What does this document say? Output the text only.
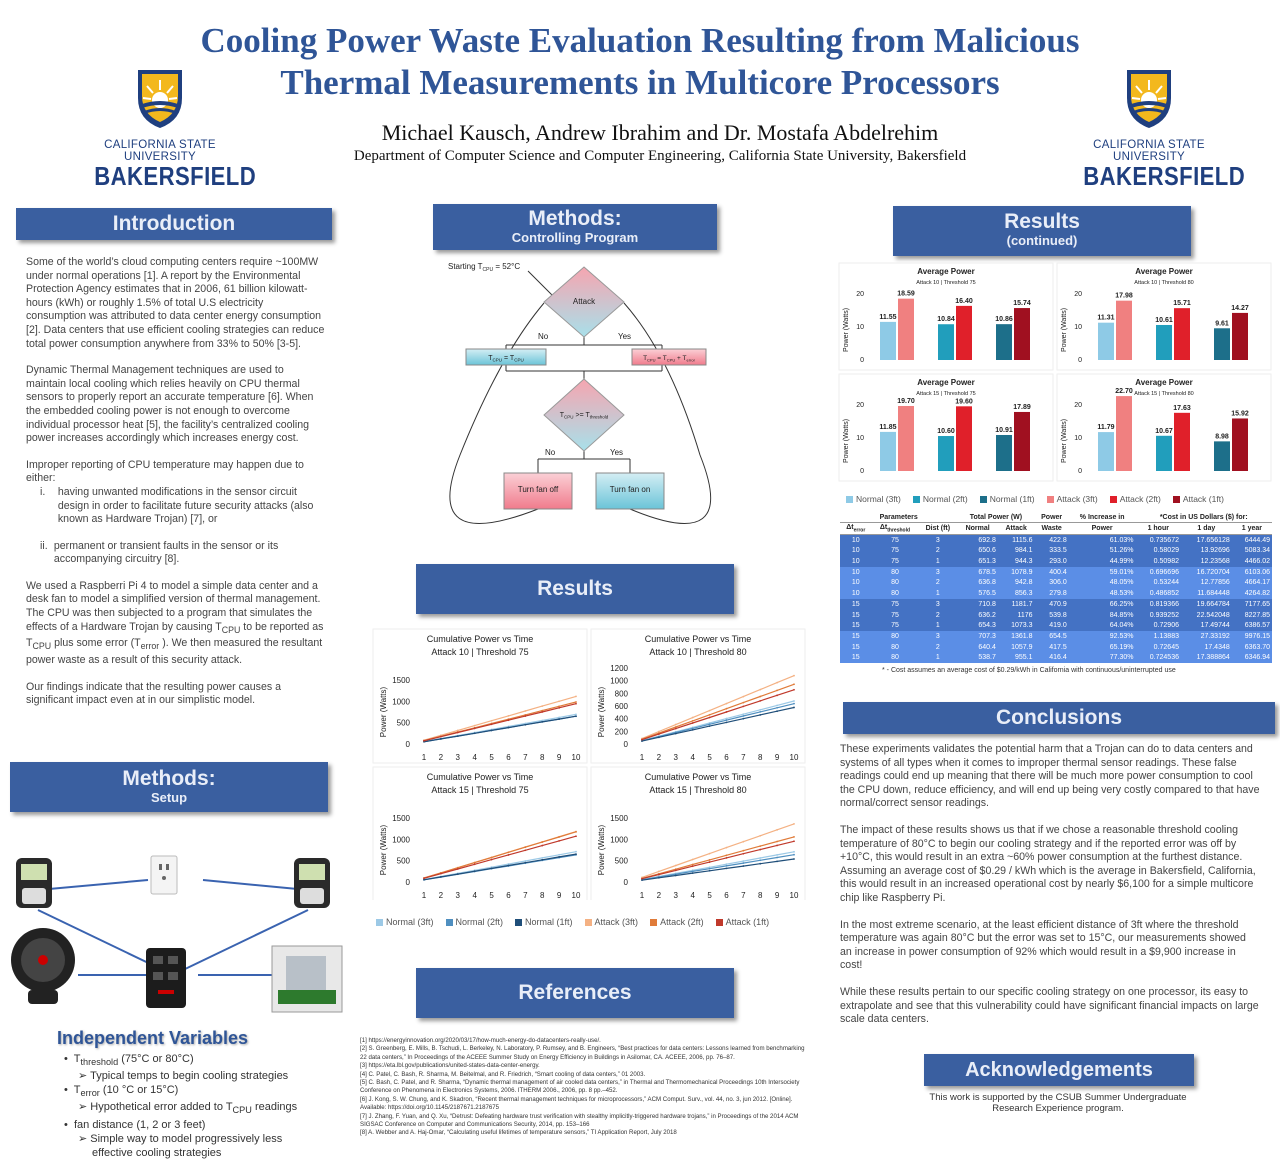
Cooling Power Waste Evaluation Resulting from Malicious
Thermal Measurements in Multicore Processors
Michael Kausch, Andrew Ibrahim and Dr. Mostafa Abdelrehim
Department of Computer Science and Computer Engineering, California State University, Bakersfield
CALIFORNIA STATE UNIVERSITY
BAKERSFIELD
CALIFORNIA STATE UNIVERSITY
BAKERSFIELD
Introduction

Some of the world’s cloud computing centers require ~100MW under normal operations [1]. A report by the Environmental Protection Agency estimates that in 2006, 61 billion kilowatt-hours (kWh) or roughly 1.5% of total U.S electricity consumption was attributed to data center energy consumption [2]. Data centers that use efficient cooling strategies can reduce total power consumption anywhere from 33% to 50% [3-5].

Dynamic Thermal Management techniques are used to maintain local cooling which relies heavily on CPU thermal sensors to properly report an accurate temperature [6]. When the embedded cooling power is not enough to overcome individual processor heat [5], the facility’s centralized cooling power increases accordingly which increases energy cost.

Improper reporting of CPU temperature may happen due to either:

i.	having unwanted modifications in the sensor circuit design in order to facilitate future security attacks (also known as Hardware Trojan) [7], or
ii. permanent or transient faults in the sensor or its accompanying circuitry [8].

We used a Raspberri Pi 4 to model a simple data center and a desk fan to model a simplified version of thermal management. The CPU was then subjected to a program that simulates the effects of a Hardware Trojan by causing $T_{CPU}$ to be reported as $T_{CPU}$ plus some error ($T_{error}$ ). We then measured the resultant power waste as a result of this security attack.

Our findings indicate that the resulting power causes a significant impact even at in our simplistic model.

Methods:
Setup
Independent Variables
•  $T_{threshold}$ (75°C or 80°C)
➢ Typical temps to begin cooling strategies
•  $T_{error}$ (10 °C or 15°C)
➢ Hypothetical error added to $T_{CPU}$ readings
•  fan distance (1, 2 or 3 feet)
➢ Simple way to model progressively less effective cooling strategies
Methods:
Controlling Program
Starting $T_{CPU} = 52^\circ C$
Attack
No	Yes
$T_{CPU} = T_{CPU}$	$T_{CPU} = T_{CPU} + T_{error}$
$T_{CPU} >= T_{threshold}$
No	Yes
Turn fan off	Turn fan on
Results
Cumulative Power vs Time
Attack 10 | Threshold 75
Power (Watts)
0
500
1000
1500
1 2 3 4 5 6 7 8 9 10
Cumulative Power vs Time
Attack 10 | Threshold 80
Power (Watts)
0
200
400
600
800
1000
1200
1 2 3 4 5 6 7 8 9 10
Cumulative Power vs Time
Attack 15 | Threshold 75
Power (Watts)
0
500
1000
1500
1 2 3 4 5 6 7 8 9 10
Cumulative Power vs Time
Attack 15 | Threshold 80
Power (Watts)
0
500
1000
1500
1 2 3 4 5 6 7 8 9 10
Normal (3ft) Normal (2ft) Normal (1ft) Attack (3ft) Attack (2ft) Attack (1ft)
References
[1] https://energyinnovation.org/2020/03/17/how-much-energy-do-datacenters-really-use/.
[2] S. Greenberg, E. Mills, B. Tschudi, L. Berkeley, N. Laboratory, P. Rumsey, and B. Engineers, “Best practices for data centers: Lessons learned from benchmarking 22 data centers,” In Proceedings of the ACEEE Summer Study on Energy Efficiency in Buildings in Asilomar, CA. ACEEE, 2006, pp. 76–87.
[3] https://eta.lbl.gov/publications/united-states-data-center-energy.
[4] C. Patel, C. Bash, R. Sharma, M. Beitelmal, and R. Friedrich, “Smart cooling of data centers,” 01 2003.
[5] C. Bash, C. Patel, and R. Sharma, “Dynamic thermal management of air cooled data centers,” in Thermal and Thermomechanical Proceedings 10th Intersociety Conference on Phenomena in Electronics Systems, 2006. ITHERM 2006., 2006, pp. 8 pp.–452.
[6] J. Kong, S. W. Chung, and K. Skadron, “Recent thermal management techniques for microprocessors,” ACM Comput. Surv., vol. 44, no. 3, jun 2012. [Online]. Available: https://doi.org/10.1145/2187671.2187675
[7] J. Zhang, F. Yuan, and Q. Xu, “Detrust: Defeating hardware trust verification with stealthy implicitly-triggered hardware trojans,” in Proceedings of the 2014 ACM SIGSAC Conference on Computer and Communications Security, 2014, pp. 153–166
[8] A. Webber and A. Haj-Omar, “Calculating useful lifetimes of temperature sensors,” TI Application Report, July 2018
Results
(continued)
Average Power
Attack 10 | Threshold 75
Power (Watts)
0
10
20
11.55
18.59
10.84
16.40
10.86
15.74
Average Power
Attack 10 | Threshold 80
Power (Watts)
0
10
20
11.31
17.98
10.61
15.71
9.61
14.27
Average Power
Attack 15 | Threshold 75
Power (Watts)
0
10
20
11.85
19.70
10.60
19.60
10.91
17.89
Average Power
Attack 15 | Threshold 80
Power (Watts)
0
10
20
11.79
22.70
10.67
17.63
8.98
15.92
Normal (3ft)	Normal (2ft)	Normal (1ft)	Attack (3ft)	Attack (2ft)	Attack (1ft)
Parameters			Total Power (W)		Power	% Increase in	*Cost in US Dollars ($) for:		
$\Delta t_{error}$	$\Delta t_{threshold}$	Dist (ft)	Normal	Attack	Waste	Power	1 hour	1 day	1 year
10	75	3	692.8	1115.6	422.8	61.03%	0.735672	17.656128	6444.49
10	75	2	650.6	984.1	333.5	51.26%	0.58029	13.92696	5083.34
10	75	1	651.3	944.3	293.0	44.99%	0.50982	12.23568	4466.02
10	80	3	678.5	1078.9	400.4	59.01%	0.696696	16.720704	6103.06
10	80	2	636.8	942.8	306.0	48.05%	0.53244	12.77856	4664.17
10	80	1	576.5	856.3	279.8	48.53%	0.486852	11.684448	4264.82
15	75	3	710.8	1181.7	470.9	66.25%	0.819366	19.664784	7177.65
15	75	2	636.2	1176	539.8	84.85%	0.939252	22.542048	8227.85
15	75	1	654.3	1073.3	419.0	64.04%	0.72906	17.49744	6386.57
15	80	3	707.3	1361.8	654.5	92.53%	1.13883	27.33192	9976.15
15	80	2	640.4	1057.9	417.5	65.19%	0.72645	17.4348	6363.70
15	80	1	538.7	955.1	416.4	77.30%	0.724536	17.388864	6346.94
* - Cost assumes an average cost of $0.29/kWh in California with continuous/uninterrupted use
Conclusions

These experiments validates the potential harm that a Trojan can do to data centers and systems of all types when it comes to improper thermal sensor readings. These false readings could end up meaning that there will be much more power consumption to cool the CPU down, reduce efficiency, and will end up being very costly compared to that have normal/correct sensor readings.

The impact of these results shows us that if we chose a reasonable threshold cooling temperature of 80°C to begin our cooling strategy and if the reported error was off by +10°C, this would result in an extra ~60% power consumption at the furthest distance. Assuming an average cost of $0.29 / kWh which is the average in Bakersfield, California, this would result in an increased operational cost by nearly $6,100 for a simple multicore chip like Raspberry Pi.

In the most extreme scenario, at the least efficient distance of 3ft where the threshold temperature was again 80°C but the error was set to 15°C, our measurements showed an increase in power consumption of 92% which would result in a $9,900 increase in cost!

While these results pertain to our specific cooling strategy on one processor, its easy to extrapolate and see that this vulnerability could have significant financial impacts on large scale data centers.

Acknowledgements
This work is supported by the CSUB Summer Undergraduate Research Experience program.
